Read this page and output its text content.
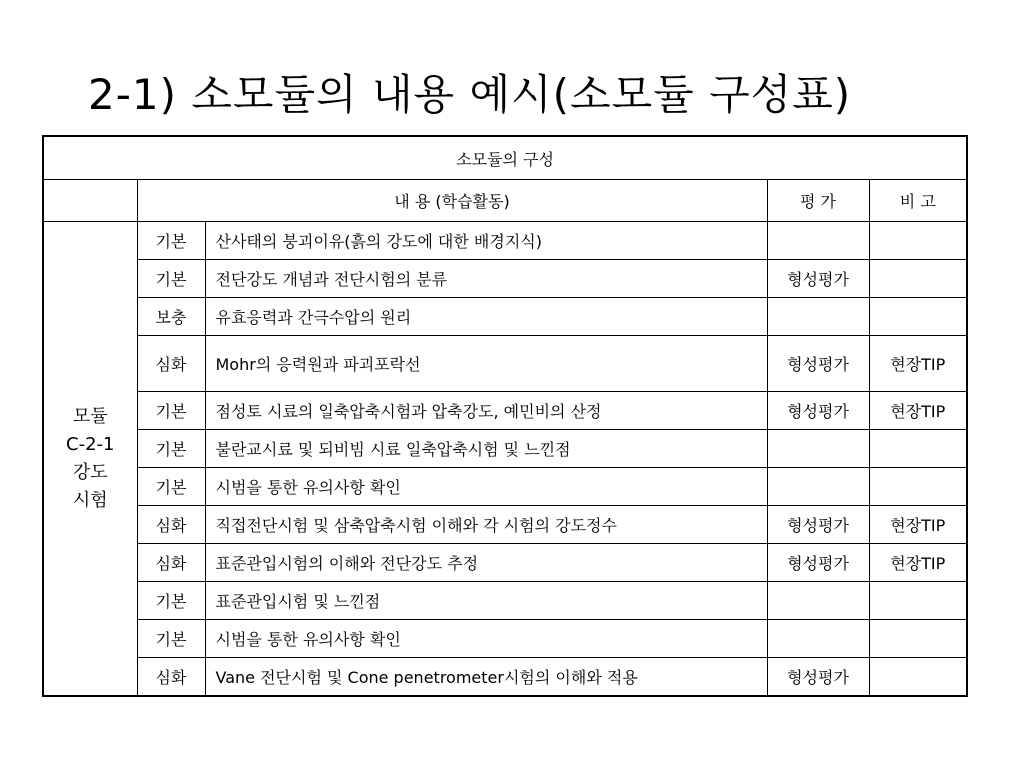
2-1) 소모듈의 내용 예시(소모듈 구성표)
소모듈의 구성				
	내 용 (학습활동)		평 가	비 고

모듈
C-2-1
강도
시험	기본	산사태의 붕괴이유(흙의 강도에 대한 배경지식)		
	기본	전단강도 개념과 전단시험의 분류	형성평가	
	보충	유효응력과 간극수압의 원리		
	심화	Mohr의 응력원과 파괴포락선	형성평가	현장TIP
	기본	점성토 시료의 일축압축시험과 압축강도, 예민비의 산정	형성평가	현장TIP
	기본	불란교시료 및 되비빔 시료 일축압축시험 및 느낀점		
	기본	시범을 통한 유의사항 확인		
	심화	직접전단시험 및 삼축압축시험 이해와 각 시험의 강도정수	형성평가	현장TIP
	심화	표준관입시험의 이해와 전단강도 추정	형성평가	현장TIP
	기본	표준관입시험 및 느낀점		
	기본	시범을 통한 유의사항 확인		
	심화	Vane 전단시험 및 Cone penetrometer시험의 이해와 적용	형성평가	
